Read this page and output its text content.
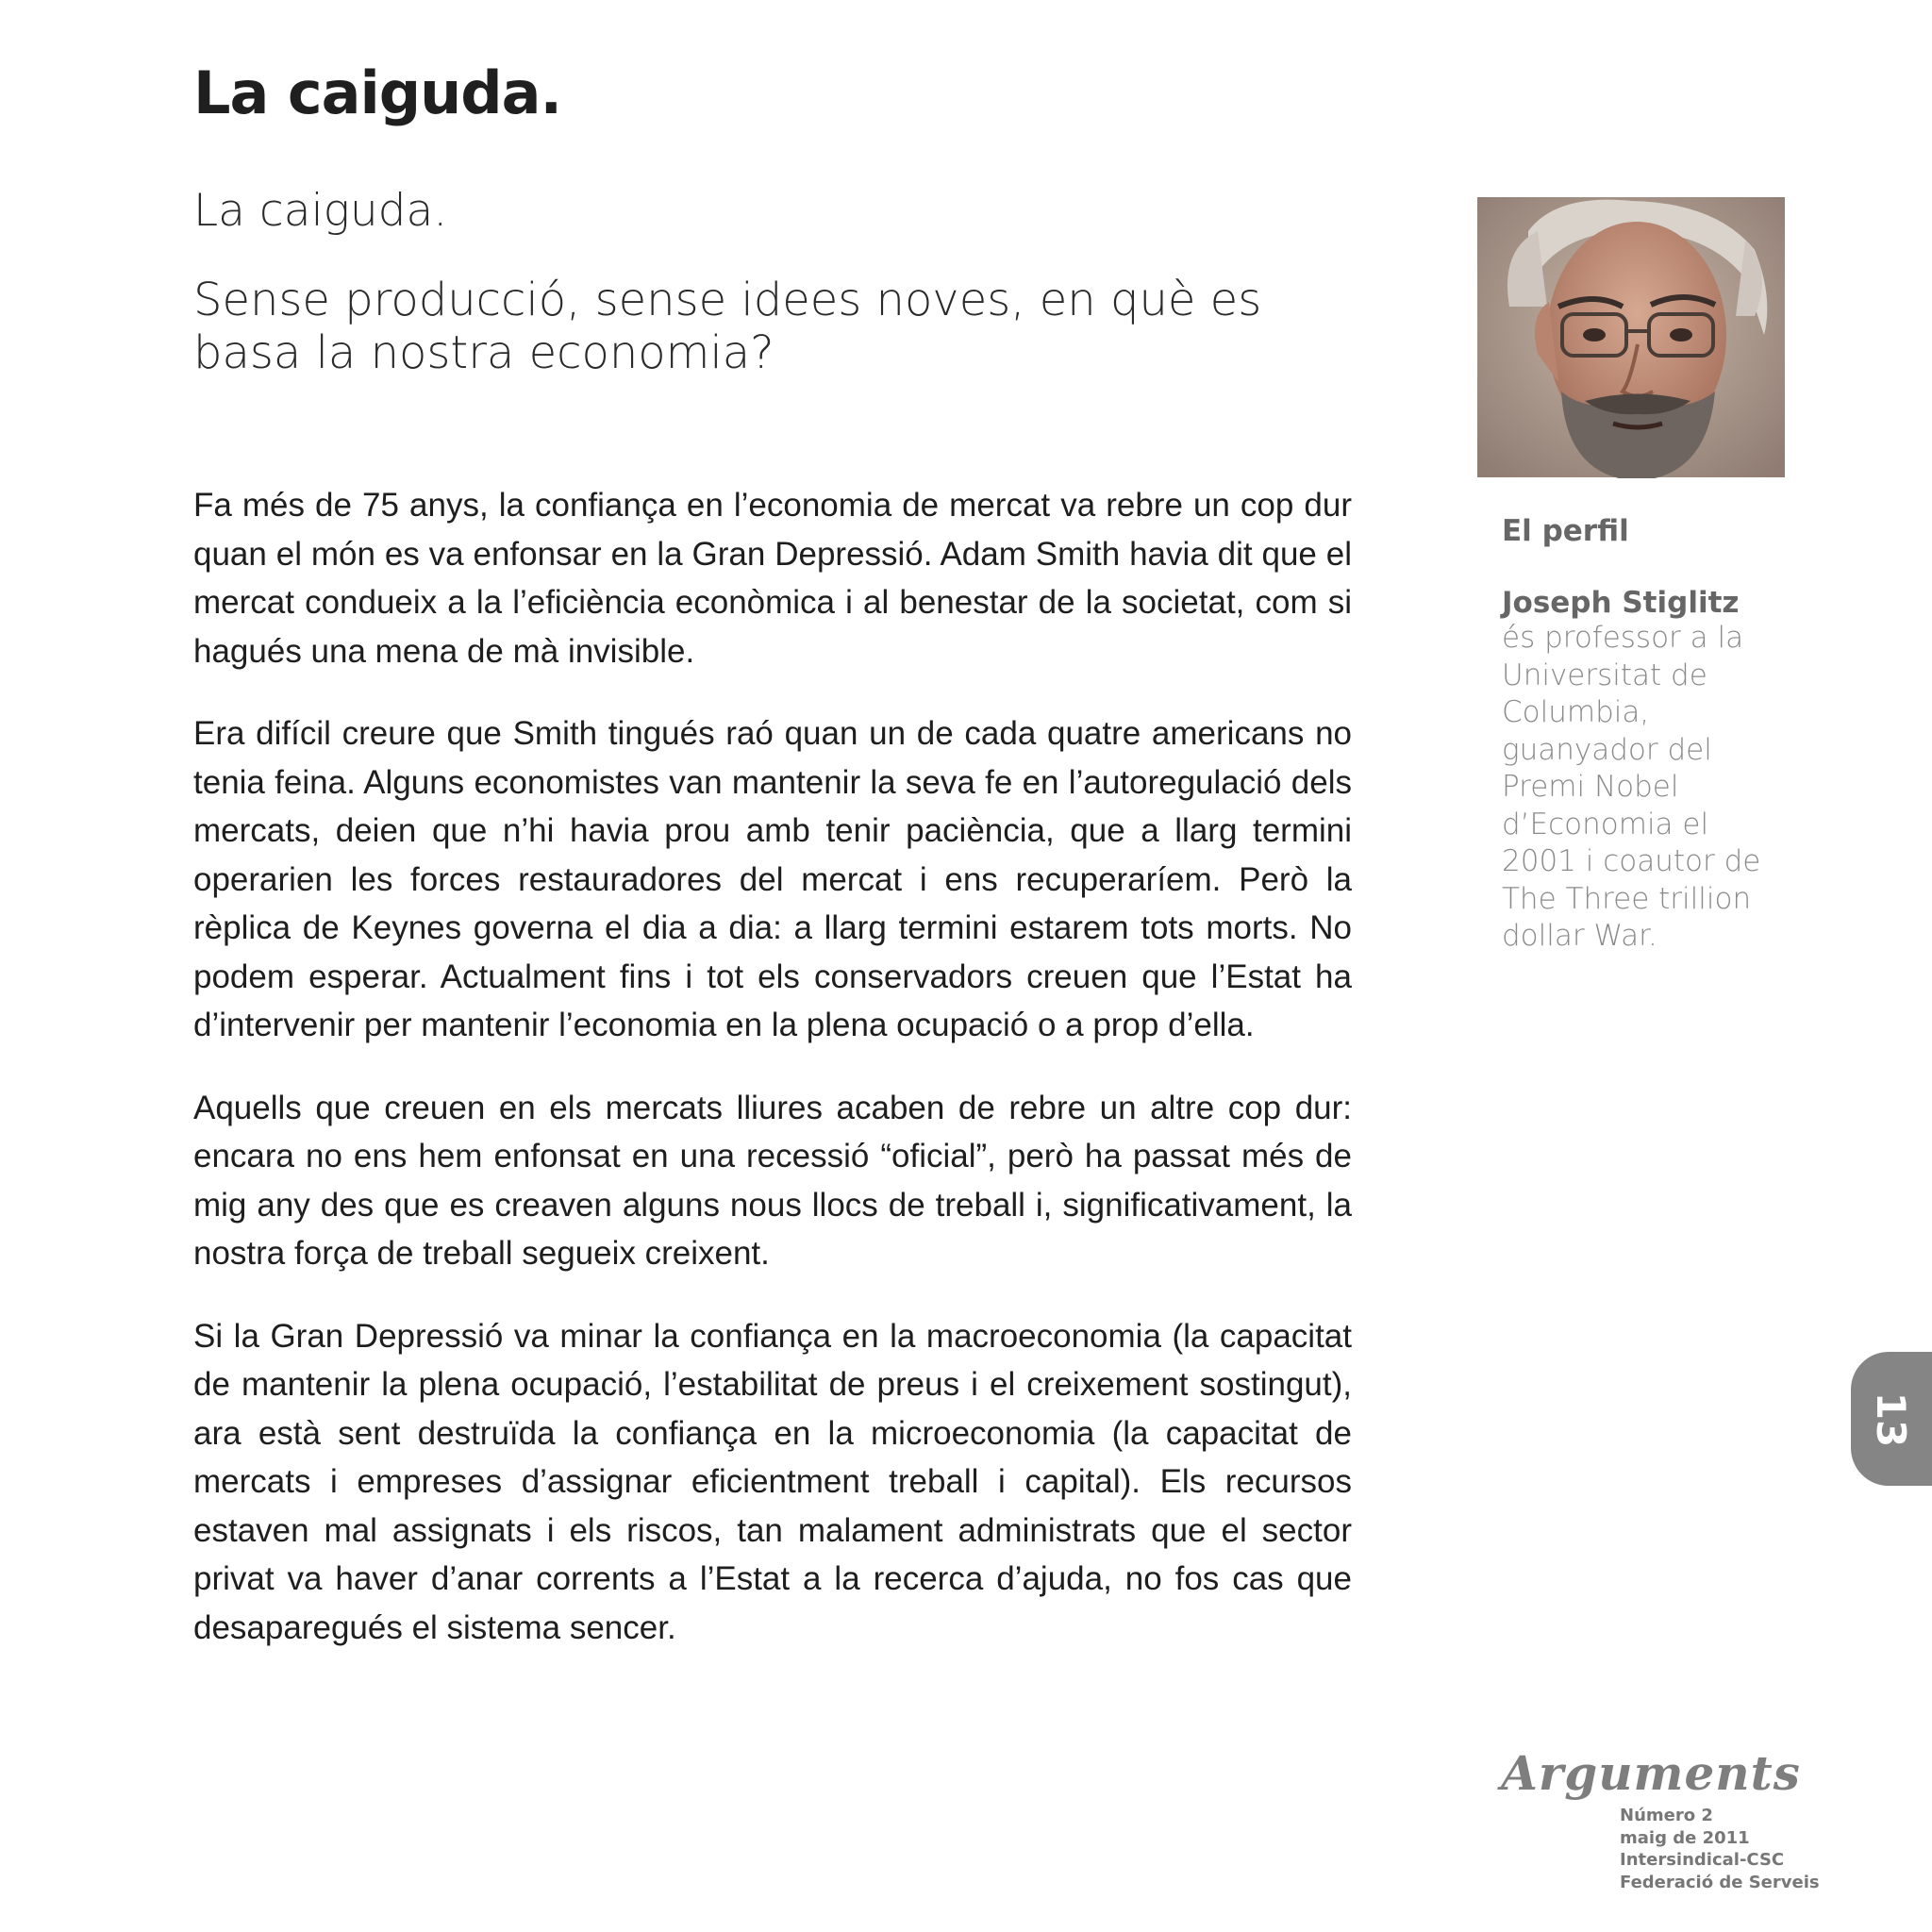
La caiguda.
La caiguda.
Sense producció, sense idees noves, en què es basa la nostra economia?

Fa més de 75 anys, la confiança en l’economia de mercat va rebre un cop dur quan el món es va enfonsar en la Gran Depressió. Adam Smith havia dit que el mercat condueix a la l’eficiència econòmica i al benestar de la societat, com si hagués una mena de mà invisible.

Era difícil creure que Smith tingués raó quan un de cada quatre americans no tenia feina. Alguns economistes van mantenir la seva fe en l’autoregulació dels mercats, deien que n’hi havia prou amb tenir paciència, que a llarg termini operarien les forces restauradores del mercat i ens recuperaríem. Però la rèplica de Keynes governa el dia a dia: a llarg termini estarem tots morts. No podem esperar. Actualment fins i tot els conservadors creuen que l’Estat ha d’intervenir per mantenir l’economia en la plena ocupació o a prop d’ella.

Aquells que creuen en els mercats lliures acaben de rebre un altre cop dur: encara no ens hem enfonsat en una recessió “oficial”, però ha passat més de mig any des que es creaven alguns nous llocs de treball i, significativament, la nostra força de treball segueix creixent.

Si la Gran Depressió va minar la confiança en la macroeconomia (la capacitat de mantenir la plena ocupació, l’estabilitat de preus i el creixement sostingut), ara està sent destruïda la confiança en la microeconomia (la capacitat de mercats i empreses d’assignar eficientment treball i capital). Els recursos estaven mal assignats i els riscos, tan malament administrats que el sector privat va haver d’anar corrents a l’Estat a la recerca d’ajuda, no fos cas que desaparegués el sistema sencer.

El perfil
Joseph Stiglitz
és professor a la Universitat de Columbia, guanyador del Premi Nobel d’Economia el 2001 i coautor de The Three trillion dollar War.
13
Arguments
Número 2
maig de 2011
Intersindical-CSC
Federació de Serveis
